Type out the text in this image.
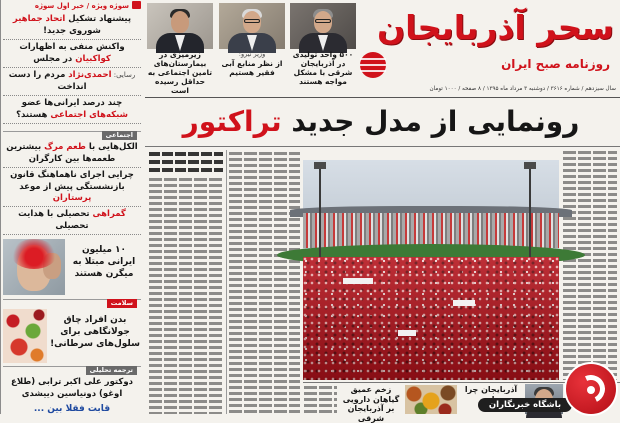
سوژه ویژه / خبر اول سوژه
پیشنهاد تشکیل اتحاد جماهیر شوروی جدید!
واکنش منفی به اظهارات کواکبیان در مجلس
رسایی: احمدی‌نژاد مردم را دست انداخت
چند درصد ایرانی‌ها عضو شبکه‌های اجتماعی هستند؟
اجتماعی
الکل‌هایی با طعم مرگ بیشترین طعمه‌ها بین کارگران
چرایی اجرای ناهماهنگ قانون بازنشستگی پیش از موعد پرستاران
گمراهی تحصیلی با هدایت تحصیلی
۱۰ میلیون ایرانی مبتلا به میگرن هستند
سلامت
بدن افراد چاق جولانگاهی برای سلول‌های سرطانی!
ترجمه تحلیلی
دوکتور علی اکبر ترابی (طلاع اوغو) دونیاسین دییشدی
قابت فقلا بین ...
۵۰۰ واحد تولیدی در آذربایجان شرقی با مشکل مواجه هستند
وزیر نیرو:
از نظر منابع آبی فقیر هستیم
زیرمیزی در بیمارستان‌های تامین اجتماعی به حداقل رسیده است
سحر آذربایجان
روزنامه صبح ایران
سال سیزدهم / شماره ۳۶۱۶ / دوشنبه ۳ مرداد ماه ۱۳۹۵ / ۸ صفحه / ۱۰۰۰ تومان
رونمایی از مدل جدید تراکتور
زخم عمیق گیاهان دارویی بر آذربایجان شرقی
آذربایجان چرا
باشگاه خبرنگاران
